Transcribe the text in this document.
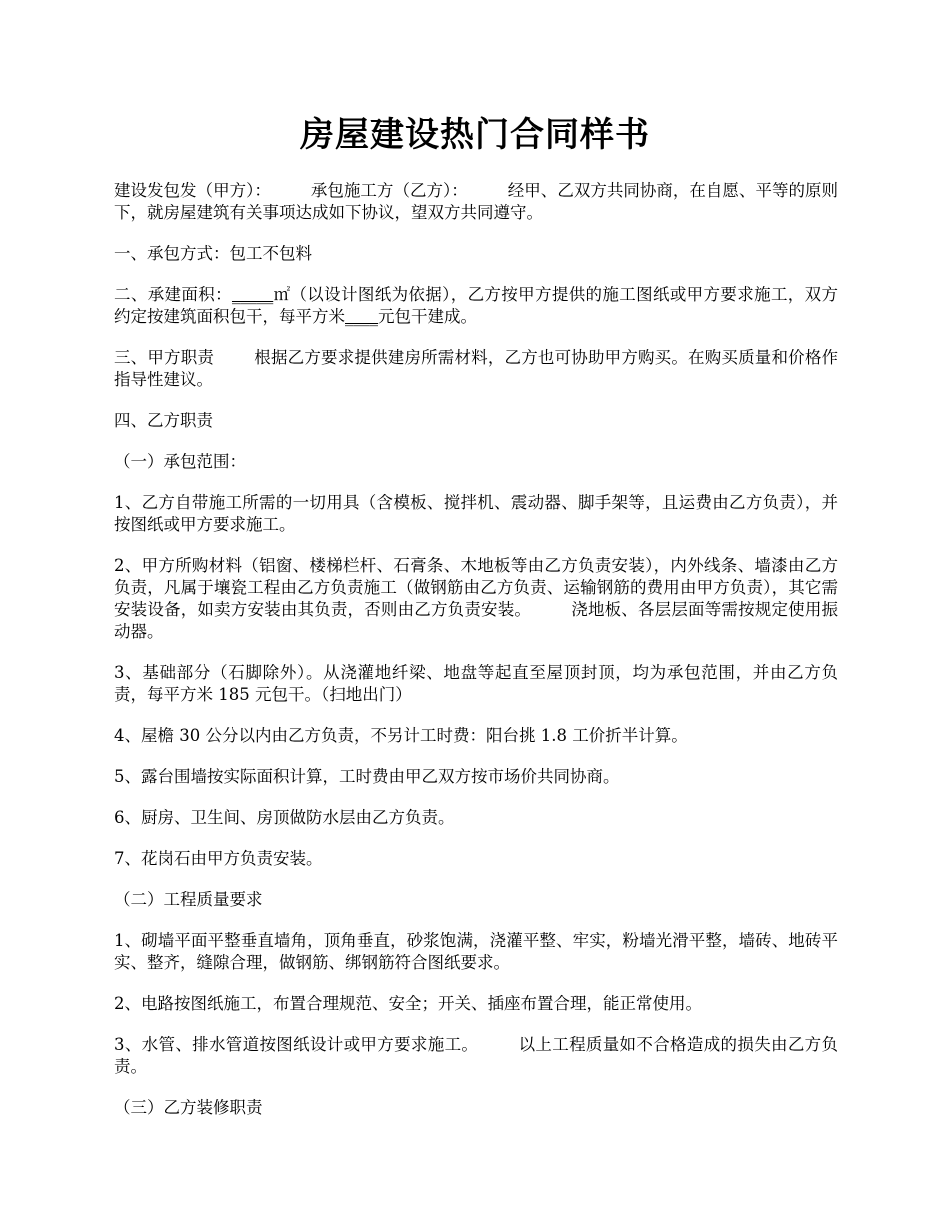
房屋建设热门合同样书

建设发包发（甲方）： 承包施工方（乙方）： 经甲、乙双方共同协商，在自愿、平等的原则下，就房屋建筑有关事项达成如下协议，望双方共同遵守。

一、承包方式：包工不包料

二、承建面积：_____㎡（以设计图纸为依据），乙方按甲方提供的施工图纸或甲方要求施工，双方约定按建筑面积包干，每平方米____元包干建成。

三、甲方职责 根据乙方要求提供建房所需材料，乙方也可协助甲方购买。在购买质量和价格作指导性建议。

四、乙方职责

（一）承包范围：

1、乙方自带施工所需的一切用具（含模板、搅拌机、震动器、脚手架等，且运费由乙方负责），并按图纸或甲方要求施工。

2、甲方所购材料（铝窗、楼梯栏杆、石膏条、木地板等由乙方负责安装），内外线条、墙漆由乙方负责，凡属于壤瓷工程由乙方负责施工（做钢筋由乙方负责、运输钢筋的费用由甲方负责），其它需安装设备，如卖方安装由其负责，否则由乙方负责安装。 浇地板、各层层面等需按规定使用振动器。

3、基础部分（石脚除外）。从浇灌地纤梁、地盘等起直至屋顶封顶，均为承包范围，并由乙方负责，每平方米 185 元包干。（扫地出门）

4、屋檐 30 公分以内由乙方负责，不另计工时费：阳台挑 1.8 工价折半计算。

5、露台围墙按实际面积计算，工时费由甲乙双方按市场价共同协商。

6、厨房、卫生间、房顶做防水层由乙方负责。

7、花岗石由甲方负责安装。

（二）工程质量要求

1、砌墙平面平整垂直墙角，顶角垂直，砂浆饱满，浇灌平整、牢实，粉墙光滑平整，墙砖、地砖平实、整齐，缝隙合理，做钢筋、绑钢筋符合图纸要求。

2、电路按图纸施工，布置合理规范、安全；开关、插座布置合理，能正常使用。

3、水管、排水管道按图纸设计或甲方要求施工。 以上工程质量如不合格造成的损失由乙方负责。

（三）乙方装修职责
